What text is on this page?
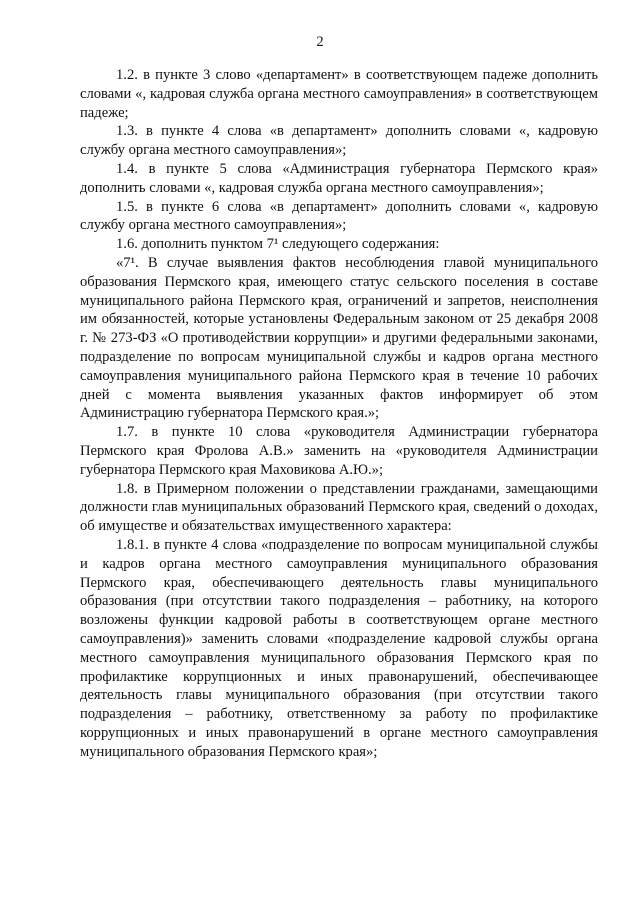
2

1.2. в пункте 3 слово «департамент» в соответствующем падеже дополнить словами «, кадровая служба органа местного самоуправления» в соответствующем падеже;

1.3. в пункте 4 слова «в департамент» дополнить словами «, кадровую службу органа местного самоуправления»;

1.4. в пункте 5 слова «Администрация губернатора Пермского края» дополнить словами «, кадровая служба органа местного самоуправления»;

1.5. в пункте 6 слова «в департамент» дополнить словами «, кадровую службу органа местного самоуправления»;

1.6. дополнить пунктом 7¹ следующего содержания:

«7¹. В случае выявления фактов несоблюдения главой муниципального образования Пермского края, имеющего статус сельского поселения в составе муниципального района Пермского края, ограничений и запретов, неисполнения им обязанностей, которые установлены Федеральным законом от 25 декабря 2008 г. № 273-ФЗ «О противодействии коррупции» и другими федеральными законами, подразделение по вопросам муниципальной службы и кадров органа местного самоуправления муниципального района Пермского края в течение 10 рабочих дней с момента выявления указанных фактов информирует об этом Администрацию губернатора Пермского края.»;

1.7. в пункте 10 слова «руководителя Администрации губернатора Пермского края Фролова А.В.» заменить на «руководителя Администрации губернатора Пермского края Маховикова А.Ю.»;

1.8. в Примерном положении о представлении гражданами, замещающими должности глав муниципальных образований Пермского края, сведений о доходах, об имуществе и обязательствах имущественного характера:

1.8.1. в пункте 4 слова «подразделение по вопросам муниципальной службы и кадров органа местного самоуправления муниципального образования Пермского края, обеспечивающего деятельность главы муниципального образования (при отсутствии такого подразделения – работнику, на которого возложены функции кадровой работы в соответствующем органе местного самоуправления)» заменить словами «подразделение кадровой службы органа местного самоуправления муниципального образования Пермского края по профилактике коррупционных и иных правонарушений, обеспечивающее деятельность главы муниципального образования (при отсутствии такого подразделения – работнику, ответственному за работу по профилактике коррупционных и иных правонарушений в органе местного самоуправления муниципального образования Пермского края»;
